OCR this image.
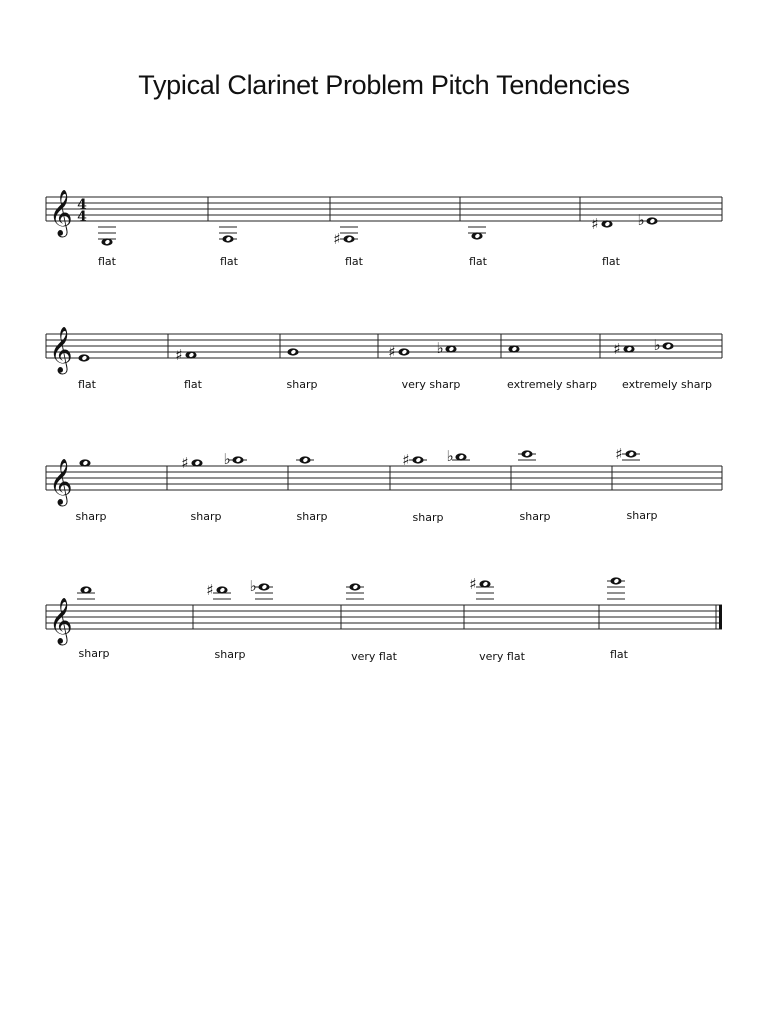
Typical Clarinet Problem Pitch Tendencies
𝄞
♯
♯	♭
𝄞	♯	♯	♭	♯ ♭
𝄞	♯ ♭	♯ ♭	♯
𝄞
♯ ♭	♯
4
4
flat	flat	flat	flat	flat
flat	flat	sharp	very sharp	extremely sharp extremely sharp
sharp	sharp	sharp	sharp	sharp	sharp
sharp	sharp	very flat	very flat	flat
